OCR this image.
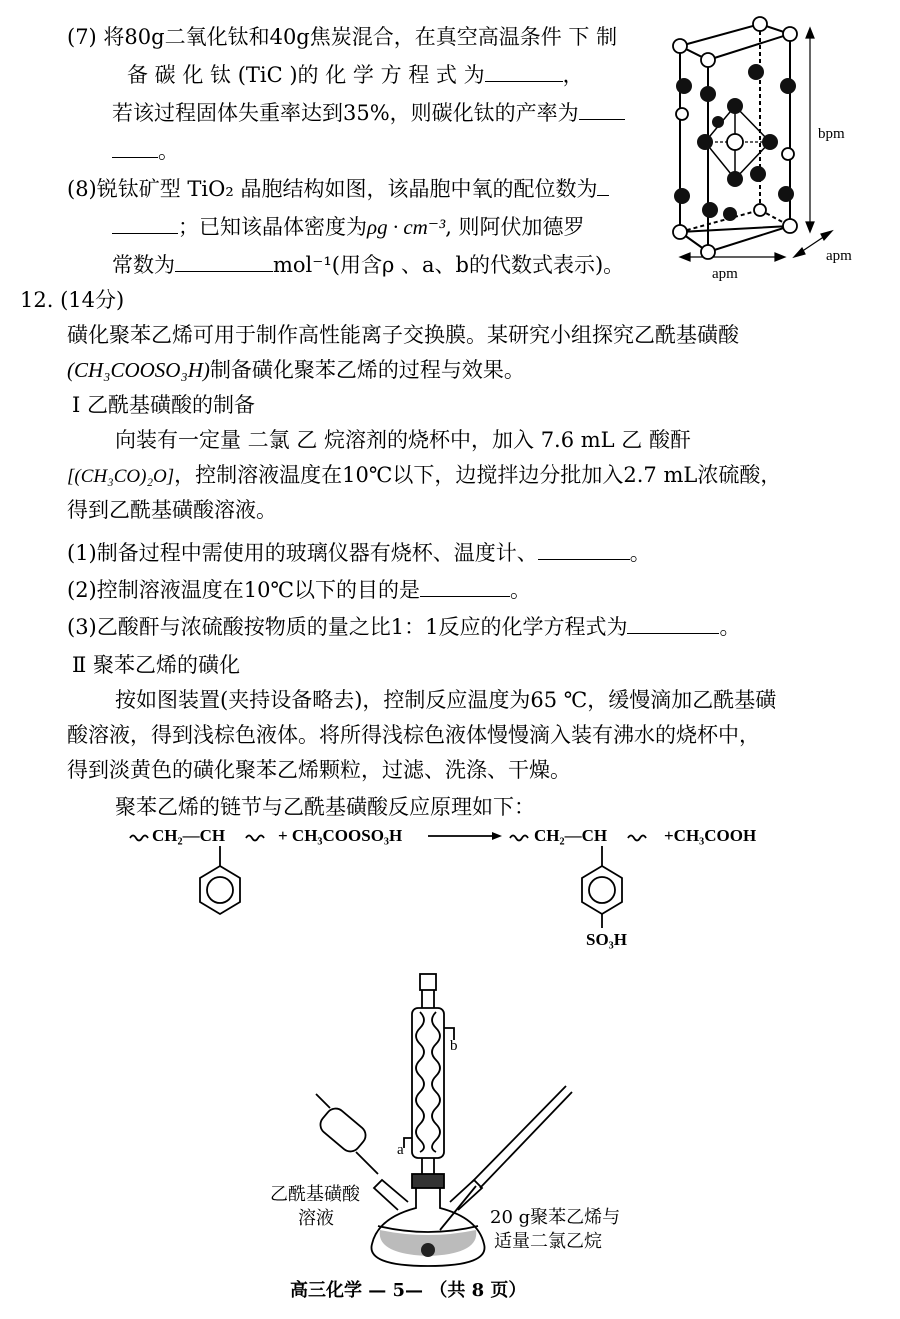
(7) 将80g二氧化钛和40g焦炭混合，在真空高温条件 下 制
备 碳 化 钛 (TiC )的 化 学 方 程 式 为	，
若该过程固体失重率达到35%，则碳化钛的产率为
。
(8)锐钛矿型 TiO₂ 晶胞结构如图，该晶胞中氧的配位数为
；已知该晶体密度为ρg · cm⁻³, 则阿伏加德罗
常数为	mol⁻¹(用含ρ 、a、b的代数式表示)。
bpm
apm
apm
12. (14分)
磺化聚苯乙烯可用于制作高性能离子交换膜。某研究小组探究乙酰基磺酸
(CH₃COOSO₃H)制备磺化聚苯乙烯的过程与效果。
Ⅰ 乙酰基磺酸的制备
向装有一定量 二氯 乙 烷溶剂的烧杯中，加入 7.6 mL 乙 酸酐
[(CH₃CO)₂O]，控制溶液温度在10℃以下，边搅拌边分批加入2.7 mL浓硫酸，
得到乙酰基磺酸溶液。
(1)制备过程中需使用的玻璃仪器有烧杯、温度计、	。
(2)控制溶液温度在10℃以下的目的是	。
(3)乙酸酐与浓硫酸按物质的量之比1：1反应的化学方程式为	。
Ⅱ 聚苯乙烯的磺化
按如图装置(夹持设备略去)，控制反应温度为65 ℃，缓慢滴加乙酰基磺
酸溶液，得到浅棕色液体。将所得浅棕色液体慢慢滴入装有沸水的烧杯中，
得到淡黄色的磺化聚苯乙烯颗粒，过滤、洗涤、干燥。
聚苯乙烯的链节与乙酰基磺酸反应原理如下：
CH₂—CH	+ CH₃COOSO₃H	CH₂—CH	+CH₃COOH
SO₃H
a
b
乙酰基磺酸
溶液	20 g聚苯乙烯与
适量二氯乙烷
高三化学 — 5— （共 8 页）
